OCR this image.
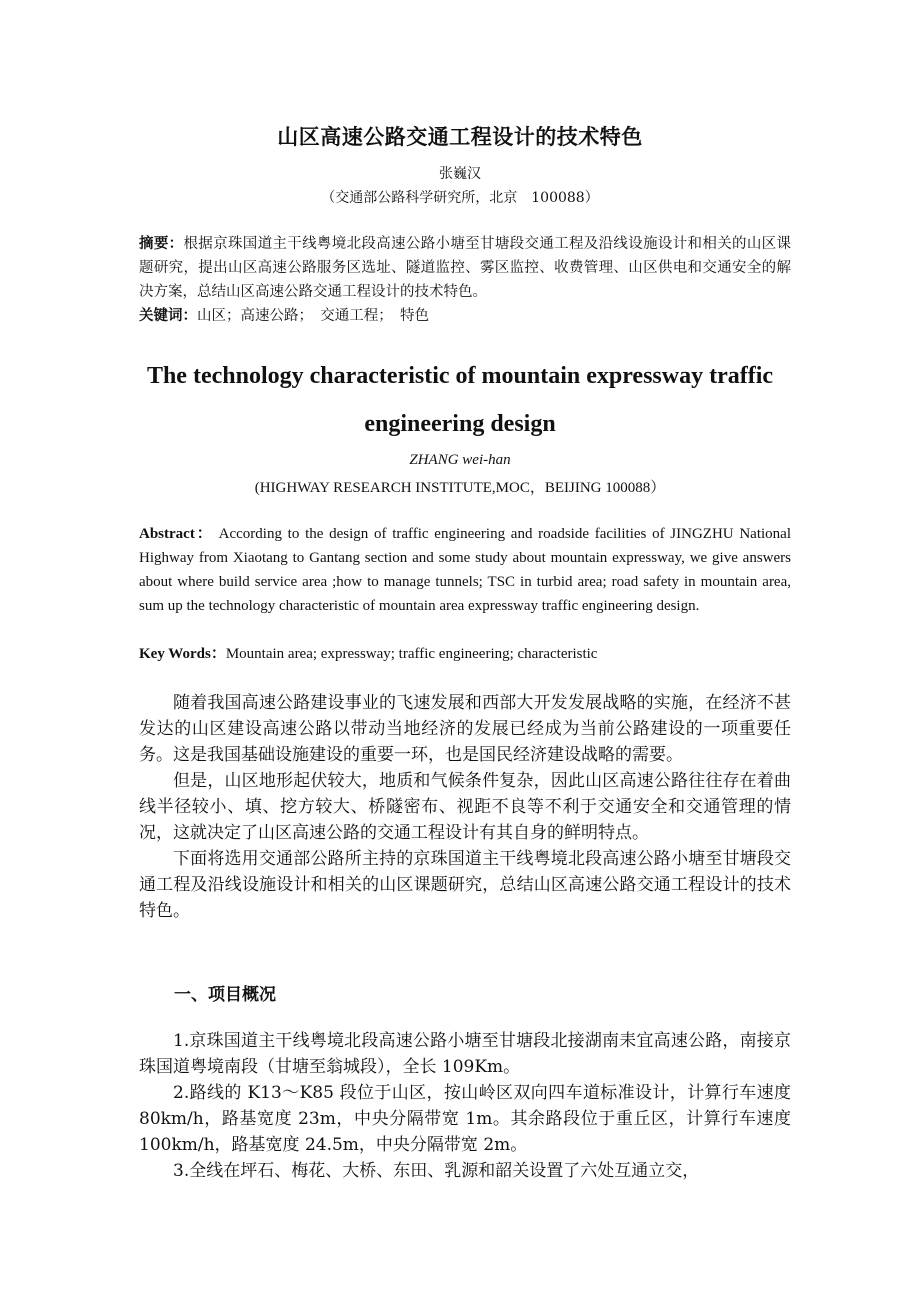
山区高速公路交通工程设计的技术特色
张巍汉
（交通部公路科学研究所，北京　100088）
摘要：根据京珠国道主干线粤境北段高速公路小塘至甘塘段交通工程及沿线设施设计和相关的山区课题研究，提出山区高速公路服务区选址、隧道监控、雾区监控、收费管理、山区供电和交通安全的解决方案，总结山区高速公路交通工程设计的技术特色。
关键词：山区；高速公路；　交通工程；　特色
The technology characteristic of mountain expressway traffic
engineering design
ZHANG wei-han
(HIGHWAY RESEARCH INSTITUTE,MOC，BEIJING 100088）
Abstract： According to the design of traffic engineering and roadside facilities of JINGZHU National Highway from Xiaotang to Gantang section and some study about mountain expressway, we give answers about where build service area ;how to manage tunnels; TSC in turbid area; road safety in mountain area, sum up the technology characteristic of mountain area expressway traffic engineering design.
Key Words：Mountain area; expressway; traffic engineering; characteristic

随着我国高速公路建设事业的飞速发展和西部大开发发展战略的实施，在经济不甚发达的山区建设高速公路以带动当地经济的发展已经成为当前公路建设的一项重要任务。这是我国基础设施建设的重要一环，也是国民经济建设战略的需要。

但是，山区地形起伏较大，地质和气候条件复杂，因此山区高速公路往往存在着曲线半径较小、填、挖方较大、桥隧密布、视距不良等不利于交通安全和交通管理的情况，这就决定了山区高速公路的交通工程设计有其自身的鲜明特点。

下面将选用交通部公路所主持的京珠国道主干线粤境北段高速公路小塘至甘塘段交通工程及沿线设施设计和相关的山区课题研究，总结山区高速公路交通工程设计的技术特色。

一、项目概况

1.京珠国道主干线粤境北段高速公路小塘至甘塘段北接湖南耒宜高速公路，南接京珠国道粤境南段（甘塘至翁城段），全长 109Km。

2.路线的 K13～K85 段位于山区，按山岭区双向四车道标准设计，计算行车速度 80km/h，路基宽度 23m，中央分隔带宽 1m。其余路段位于重丘区，计算行车速度 100km/h，路基宽度 24.5m，中央分隔带宽 2m。

3.全线在坪石、梅花、大桥、东田、乳源和韶关设置了六处互通立交，
